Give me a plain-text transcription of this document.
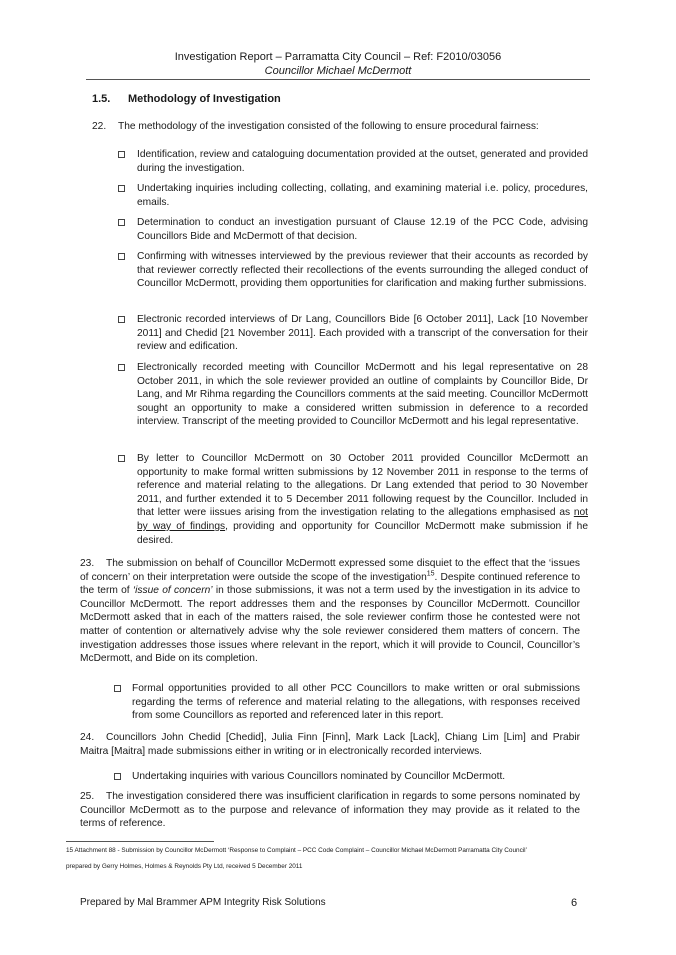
Investigation Report – Parramatta City Council – Ref: F2010/03056
Councillor Michael McDermott
1.5. Methodology of Investigation

22. The methodology of the investigation consisted of the following to ensure procedural fairness:

Identification, review and cataloguing documentation provided at the outset, generated and provided during the investigation.
Undertaking inquiries including collecting, collating, and examining material i.e. policy, procedures, emails.
Determination to conduct an investigation pursuant of Clause 12.19 of the PCC Code, advising Councillors Bide and McDermott of that decision.
Confirming with witnesses interviewed by the previous reviewer that their accounts as recorded by that reviewer correctly reflected their recollections of the events surrounding the alleged conduct of Councillor McDermott, providing them opportunities for clarification and making further submissions.
Electronic recorded interviews of Dr Lang, Councillors Bide [6 October 2011], Lack [10 November 2011] and Chedid [21 November 2011]. Each provided with a transcript of the conversation for their review and edification.
Electronically recorded meeting with Councillor McDermott and his legal representative on 28 October 2011, in which the sole reviewer provided an outline of complaints by Councillor Bide, Dr Lang, and Mr Rihma regarding the Councillors comments at the said meeting. Councillor McDermott sought an opportunity to make a considered written submission in deference to a recorded interview. Transcript of the meeting provided to Councillor McDermott and his legal representative.
By letter to Councillor McDermott on 30 October 2011 provided Councillor McDermott an opportunity to make formal written submissions by 12 November 2011 in response to the terms of reference and material relating to the allegations. Dr Lang extended that period to 30 November 2011, and further extended it to 5 December 2011 following request by the Councillor. Included in that letter were iissues arising from the investigation relating to the allegations emphasised as not by way of findings, providing and opportunity for Councillor McDermott make submission if he desired.

23. The submission on behalf of Councillor McDermott expressed some disquiet to the effect that the ‘issues of concern’ on their interpretation were outside the scope of the investigation$^{15}$. Despite continued reference to the term of ‘issue of concern’ in those submissions, it was not a term used by the investigation in its advice to Councillor McDermott. The report addresses them and the responses by Councillor McDermott. Councillor McDermott asked that in each of the matters raised, the sole reviewer confirm those he contested were not matter of contention or alternatively advise why the sole reviewer considered them matters of concern. The investigation addresses those issues where relevant in the report, which it will provide to Council, Councillor’s McDermott, and Bide on its completion.

Formal opportunities provided to all other PCC Councillors to make written or oral submissions regarding the terms of reference and material relating to the allegations, with responses received from some Councillors as reported and referenced later in this report.

24. Councillors John Chedid [Chedid], Julia Finn [Finn], Mark Lack [Lack], Chiang Lim [Lim] and Prabir Maitra [Maitra] made submissions either in writing or in electronically recorded interviews.

Undertaking inquiries with various Councillors nominated by Councillor McDermott.

25. The investigation considered there was insufficient clarification in regards to some persons nominated by Councillor McDermott as to the purpose and relevance of information they may provide as it related to the terms of reference.

15 Attachment 88 - Submission by Councillor McDermott ‘Response to Complaint – PCC Code Complaint – Councillor Michael McDermott Parramatta City Council’
prepared by Gerry Holmes, Holmes & Reynolds Pty Ltd, received 5 December 2011
Prepared by Mal Brammer APM Integrity Risk Solutions	6
